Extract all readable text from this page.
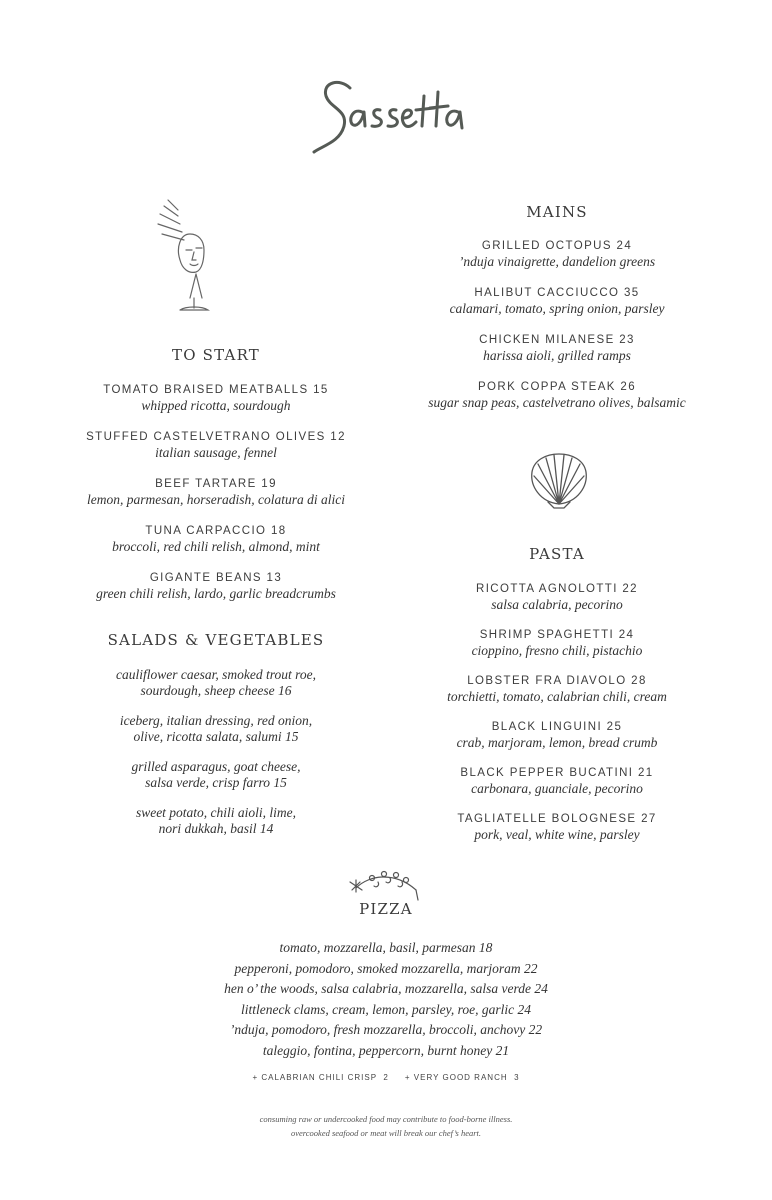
TO START
TOMATO BRAISED MEATBALLS 15
whipped ricotta, sourdough
STUFFED CASTELVETRANO OLIVES 12
italian sausage, fennel
BEEF TARTARE 19
lemon, parmesan, horseradish, colatura di alici
TUNA CARPACCIO 18
broccoli, red chili relish, almond, mint
GIGANTE BEANS 13
green chili relish, lardo, garlic breadcrumbs
SALADS & VEGETABLES
cauliflower caesar, smoked trout roe,
sourdough, sheep cheese 16
iceberg, italian dressing, red onion,
olive, ricotta salata, salumi 15
grilled asparagus, goat cheese,
salsa verde, crisp farro 15
sweet potato, chili aioli, lime,
nori dukkah, basil 14
MAINS
GRILLED OCTOPUS 24
’nduja vinaigrette, dandelion greens
HALIBUT CACCIUCCO 35
calamari, tomato, spring onion, parsley
CHICKEN MILANESE 23
harissa aioli, grilled ramps
PORK COPPA STEAK 26
sugar snap peas, castelvetrano olives, balsamic
PASTA
RICOTTA AGNOLOTTI 22
salsa calabria, pecorino
SHRIMP SPAGHETTI 24
cioppino, fresno chili, pistachio
LOBSTER FRA DIAVOLO 28
torchietti, tomato, calabrian chili, cream
BLACK LINGUINI 25
crab, marjoram, lemon, bread crumb
BLACK PEPPER BUCATINI 21
carbonara, guanciale, pecorino
TAGLIATELLE BOLOGNESE 27
pork, veal, white wine, parsley
PIZZA
tomato, mozzarella, basil, parmesan 18
pepperoni, pomodoro, smoked mozzarella, marjoram 22
hen o’ the woods, salsa calabria, mozzarella, salsa verde 24
littleneck clams, cream, lemon, parsley, roe, garlic 24
’nduja, pomodoro, fresh mozzarella, broccoli, anchovy 22
taleggio, fontina, peppercorn, burnt honey 21
+ CALABRIAN CHILI CRISP  2     + VERY GOOD RANCH  3
consuming raw or undercooked food may contribute to food-borne illness.
overcooked seafood or meat will break our chef’s heart.
